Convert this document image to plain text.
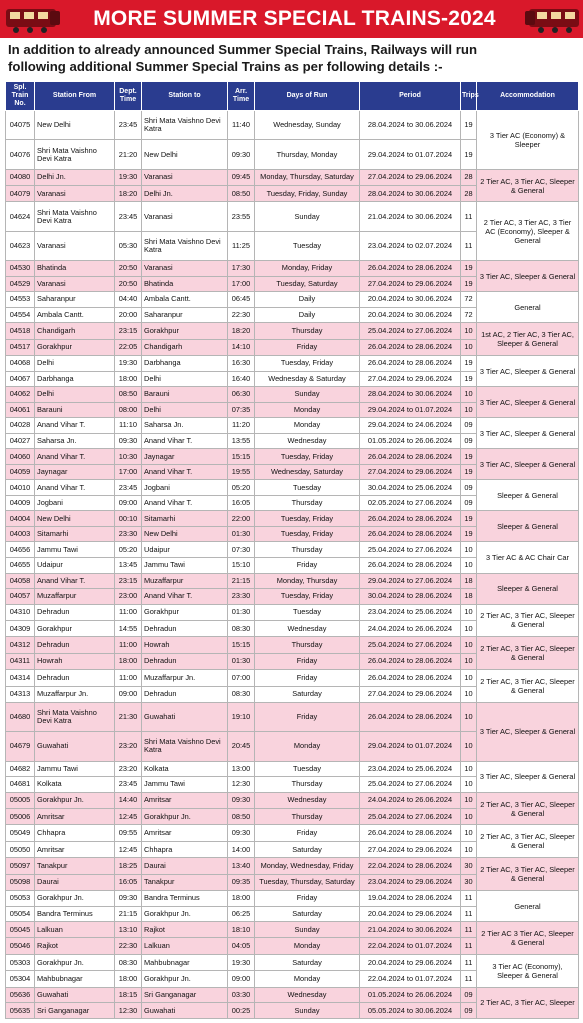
MORE SUMMER SPECIAL TRAINS-2024
In addition to already announced Summer Special Trains, Railways will run
following additional Summer Special Trains as per following details :-
Spl. Train No.	Station From	Dept. Time	Station to	Arr. Time	Days of Run	Period	Trips	Accommodation
04075	New Delhi	23:45	Shri Mata Vaishno Devi Katra	11:40	Wednesday, Sunday	28.04.2024 to 30.06.2024	19	3 Tier AC (Economy) & Sleeper
04076	Shri Mata Vaishno Devi Katra	21:20	New Delhi	09:30	Thursday, Monday	29.04.2024 to 01.07.2024	19	
04080	Delhi Jn.	19:30	Varanasi	09:45	Monday, Thursday, Saturday	27.04.2024 to 29.06.2024	28	2 Tier AC, 3 Tier AC, Sleeper & General
04079	Varanasi	18:20	Delhi Jn.	08:50	Tuesday, Friday, Sunday	28.04.2024 to 30.06.2024	28	
04624	Shri Mata Vaishno Devi Katra	23:45	Varanasi	23:55	Sunday	21.04.2024 to 30.06.2024	11	2 Tier AC, 3 Tier AC, 3 Tier AC (Economy), Sleeper & General
04623	Varanasi	05:30	Shri Mata Vaishno Devi Katra	11:25	Tuesday	23.04.2024 to 02.07.2024	11	
04530	Bhatinda	20:50	Varanasi	17:30	Monday, Friday	26.04.2024 to 28.06.2024	19	3 Tier AC, Sleeper & General
04529	Varanasi	20:50	Bhatinda	17:00	Tuesday, Saturday	27.04.2024 to 29.06.2024	19	
04553	Saharanpur	04:40	Ambala Cantt.	06:45	Daily	20.04.2024 to 30.06.2024	72	General
04554	Ambala Cantt.	20:00	Saharanpur	22:30	Daily	20.04.2024 to 30.06.2024	72	
04518	Chandigarh	23:15	Gorakhpur	18:20	Thursday	25.04.2024 to 27.06.2024	10	1st AC, 2 Tier AC, 3 Tier AC, Sleeper & General
04517	Gorakhpur	22:05	Chandigarh	14:10	Friday	26.04.2024 to 28.06.2024	10	
04068	Delhi	19:30	Darbhanga	16:30	Tuesday, Friday	26.04.2024 to 28.06.2024	19	3 Tier AC, Sleeper & General
04067	Darbhanga	18:00	Delhi	16:40	Wednesday & Saturday	27.04.2024 to 29.06.2024	19	
04062	Delhi	08:50	Barauni	06:30	Sunday	28.04.2024 to 30.06.2024	10	3 Tier AC, Sleeper & General
04061	Barauni	08:00	Delhi	07:35	Monday	29.04.2024 to 01.07.2024	10	
04028	Anand Vihar T.	11:10	Saharsa Jn.	11:20	Monday	29.04.2024 to 24.06.2024	09	3 Tier AC, Sleeper & General
04027	Saharsa Jn.	09:30	Anand Vihar T.	13:55	Wednesday	01.05.2024 to 26.06.2024	09	
04060	Anand Vihar T.	10:30	Jaynagar	15:15	Tuesday, Friday	26.04.2024 to 28.06.2024	19	3 Tier AC, Sleeper & General
04059	Jaynagar	17:00	Anand Vihar T.	19:55	Wednesday, Saturday	27.04.2024 to 29.06.2024	19	
04010	Anand Vihar T.	23:45	Jogbani	05:20	Tuesday	30.04.2024 to 25.06.2024	09	Sleeper & General
04009	Jogbani	09:00	Anand Vihar T.	16:05	Thursday	02.05.2024 to 27.06.2024	09	
04004	New Delhi	00:10	Sitamarhi	22:00	Tuesday, Friday	26.04.2024 to 28.06.2024	19	Sleeper & General
04003	Sitamarhi	23:30	New Delhi	01:30	Tuesday, Friday	26.04.2024 to 28.06.2024	19	
04656	Jammu Tawi	05:20	Udaipur	07:30	Thursday	25.04.2024 to 27.06.2024	10	3 Tier AC & AC Chair Car
04655	Udaipur	13:45	Jammu Tawi	15:10	Friday	26.04.2024 to 28.06.2024	10	
04058	Anand Vihar T.	23:15	Muzaffarpur	21:15	Monday, Thursday	29.04.2024 to 27.06.2024	18	Sleeper & General
04057	Muzaffarpur	23:00	Anand Vihar T.	23:30	Tuesday, Friday	30.04.2024 to 28.06.2024	18	
04310	Dehradun	11:00	Gorakhpur	01:30	Tuesday	23.04.2024 to 25.06.2024	10	2 Tier AC, 3 Tier AC, Sleeper & General
04309	Gorakhpur	14:55	Dehradun	08:30	Wednesday	24.04.2024 to 26.06.2024	10	
04312	Dehradun	11:00	Howrah	15:15	Thursday	25.04.2024 to 27.06.2024	10	2 Tier AC, 3 Tier AC, Sleeper & General
04311	Howrah	18:00	Dehradun	01:30	Friday	26.04.2024 to 28.06.2024	10	
04314	Dehradun	11:00	Muzaffarpur Jn.	07:00	Friday	26.04.2024 to 28.06.2024	10	2 Tier AC, 3 Tier AC, Sleeper & General
04313	Muzaffarpur Jn.	09:00	Dehradun	08:30	Saturday	27.04.2024 to 29.06.2024	10	
04680	Shri Mata Vaishno Devi Katra	21:30	Guwahati	19:10	Friday	26.04.2024 to 28.06.2024	10	3 Tier AC, Sleeper & General
04679	Guwahati	23:20	Shri Mata Vaishno Devi Katra	20:45	Monday	29.04.2024 to 01.07.2024	10	
04682	Jammu Tawi	23:20	Kolkata	13:00	Tuesday	23.04.2024 to 25.06.2024	10	3 Tier AC, Sleeper & General
04681	Kolkata	23:45	Jammu Tawi	12:30	Thursday	25.04.2024 to 27.06.2024	10	
05005	Gorakhpur Jn.	14:40	Amritsar	09:30	Wednesday	24.04.2024 to 26.06.2024	10	2 Tier AC, 3 Tier AC, Sleeper & General
05006	Amritsar	12:45	Gorakhpur Jn.	08:50	Thursday	25.04.2024 to 27.06.2024	10	
05049	Chhapra	09:55	Amritsar	09:30	Friday	26.04.2024 to 28.06.2024	10	2 Tier AC, 3 Tier AC, Sleeper & General
05050	Amritsar	12:45	Chhapra	14:00	Saturday	27.04.2024 to 29.06.2024	10	
05097	Tanakpur	18:25	Daurai	13:40	Monday, Wednesday, Friday	22.04.2024 to 28.06.2024	30	2 Tier AC, 3 Tier AC, Sleeper & General
05098	Daurai	16:05	Tanakpur	09:35	Tuesday, Thursday, Saturday	23.04.2024 to 29.06.2024	30	
05053	Gorakhpur Jn.	09:30	Bandra Terminus	18:00	Friday	19.04.2024 to 28.06.2024	11	General
05054	Bandra Terminus	21:15	Gorakhpur Jn.	06:25	Saturday	20.04.2024 to 29.06.2024	11	
05045	Lalkuan	13:10	Rajkot	18:10	Sunday	21.04.2024 to 30.06.2024	11	2 Tier AC 3 Tier AC, Sleeper & General
05046	Rajkot	22:30	Lalkuan	04:05	Monday	22.04.2024 to 01.07.2024	11	
05303	Gorakhpur Jn.	08:30	Mahbubnagar	19:30	Saturday	20.04.2024 to 29.06.2024	11	3 Tier AC (Economy), Sleeper & General
05304	Mahbubnagar	18:00	Gorakhpur Jn.	09:00	Monday	22.04.2024 to 01.07.2024	11	
05636	Guwahati	18:15	Sri Ganganagar	03:30	Wednesday	01.05.2024 to 26.06.2024	09	2 Tier AC, 3 Tier AC, Sleeper
05635	Sri Ganganagar	12:30	Guwahati	00:25	Sunday	05.05.2024 to 30.06.2024	09	
